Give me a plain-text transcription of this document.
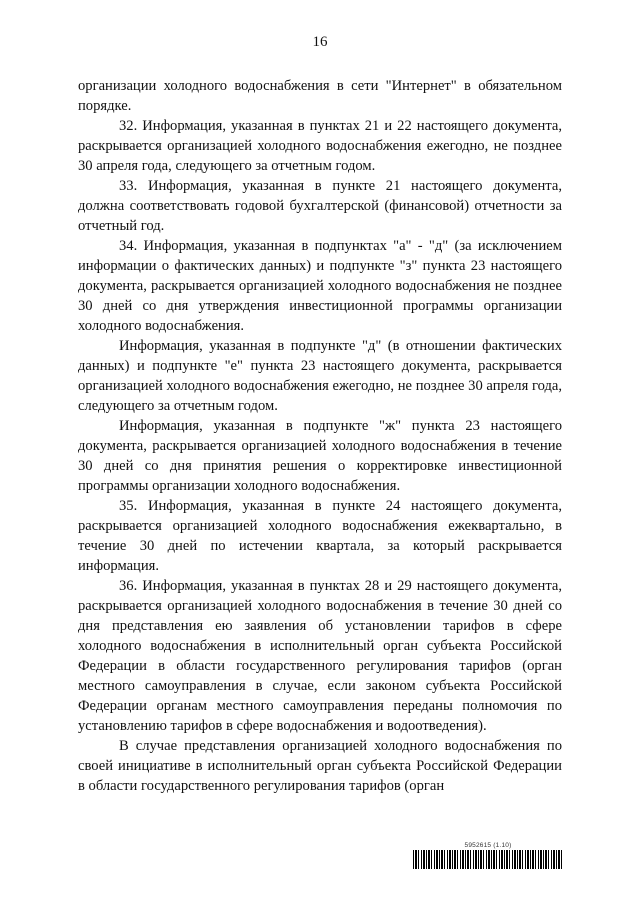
16

организации холодного водоснабжения в сети "Интернет" в обязательном порядке.

32. Информация, указанная в пунктах 21 и 22 настоящего документа, раскрывается организацией холодного водоснабжения ежегодно, не позднее 30 апреля года, следующего за отчетным годом.

33. Информация, указанная в пункте 21 настоящего документа, должна соответствовать годовой бухгалтерской (финансовой) отчетности за отчетный год.

34. Информация, указанная в подпунктах "а" - "д" (за исключением информации о фактических данных) и подпункте "з" пункта 23 настоящего документа, раскрывается организацией холодного водоснабжения не позднее 30 дней со дня утверждения инвестиционной программы организации холодного водоснабжения.

Информация, указанная в подпункте "д" (в отношении фактических данных) и подпункте "е" пункта 23 настоящего документа, раскрывается организацией холодного водоснабжения ежегодно, не позднее 30 апреля года, следующего за отчетным годом.

Информация, указанная в подпункте "ж" пункта 23 настоящего документа, раскрывается организацией холодного водоснабжения в течение 30 дней со дня принятия решения о корректировке инвестиционной программы организации холодного водоснабжения.

35. Информация, указанная в пункте 24 настоящего документа, раскрывается организацией холодного водоснабжения ежеквартально, в течение 30 дней по истечении квартала, за который раскрывается информация.

36. Информация, указанная в пунктах 28 и 29 настоящего документа, раскрывается организацией холодного водоснабжения в течение 30 дней со дня представления ею заявления об установлении тарифов в сфере холодного водоснабжения в исполнительный орган субъекта Российской Федерации в области государственного регулирования тарифов (орган местного самоуправления в случае, если законом субъекта Российской Федерации органам местного самоуправления переданы полномочия по установлению тарифов в сфере водоснабжения и водоотведения).

В случае представления организацией холодного водоснабжения по своей инициативе в исполнительный орган субъекта Российской Федерации в области государственного регулирования тарифов (орган

5952615 (1.10)
